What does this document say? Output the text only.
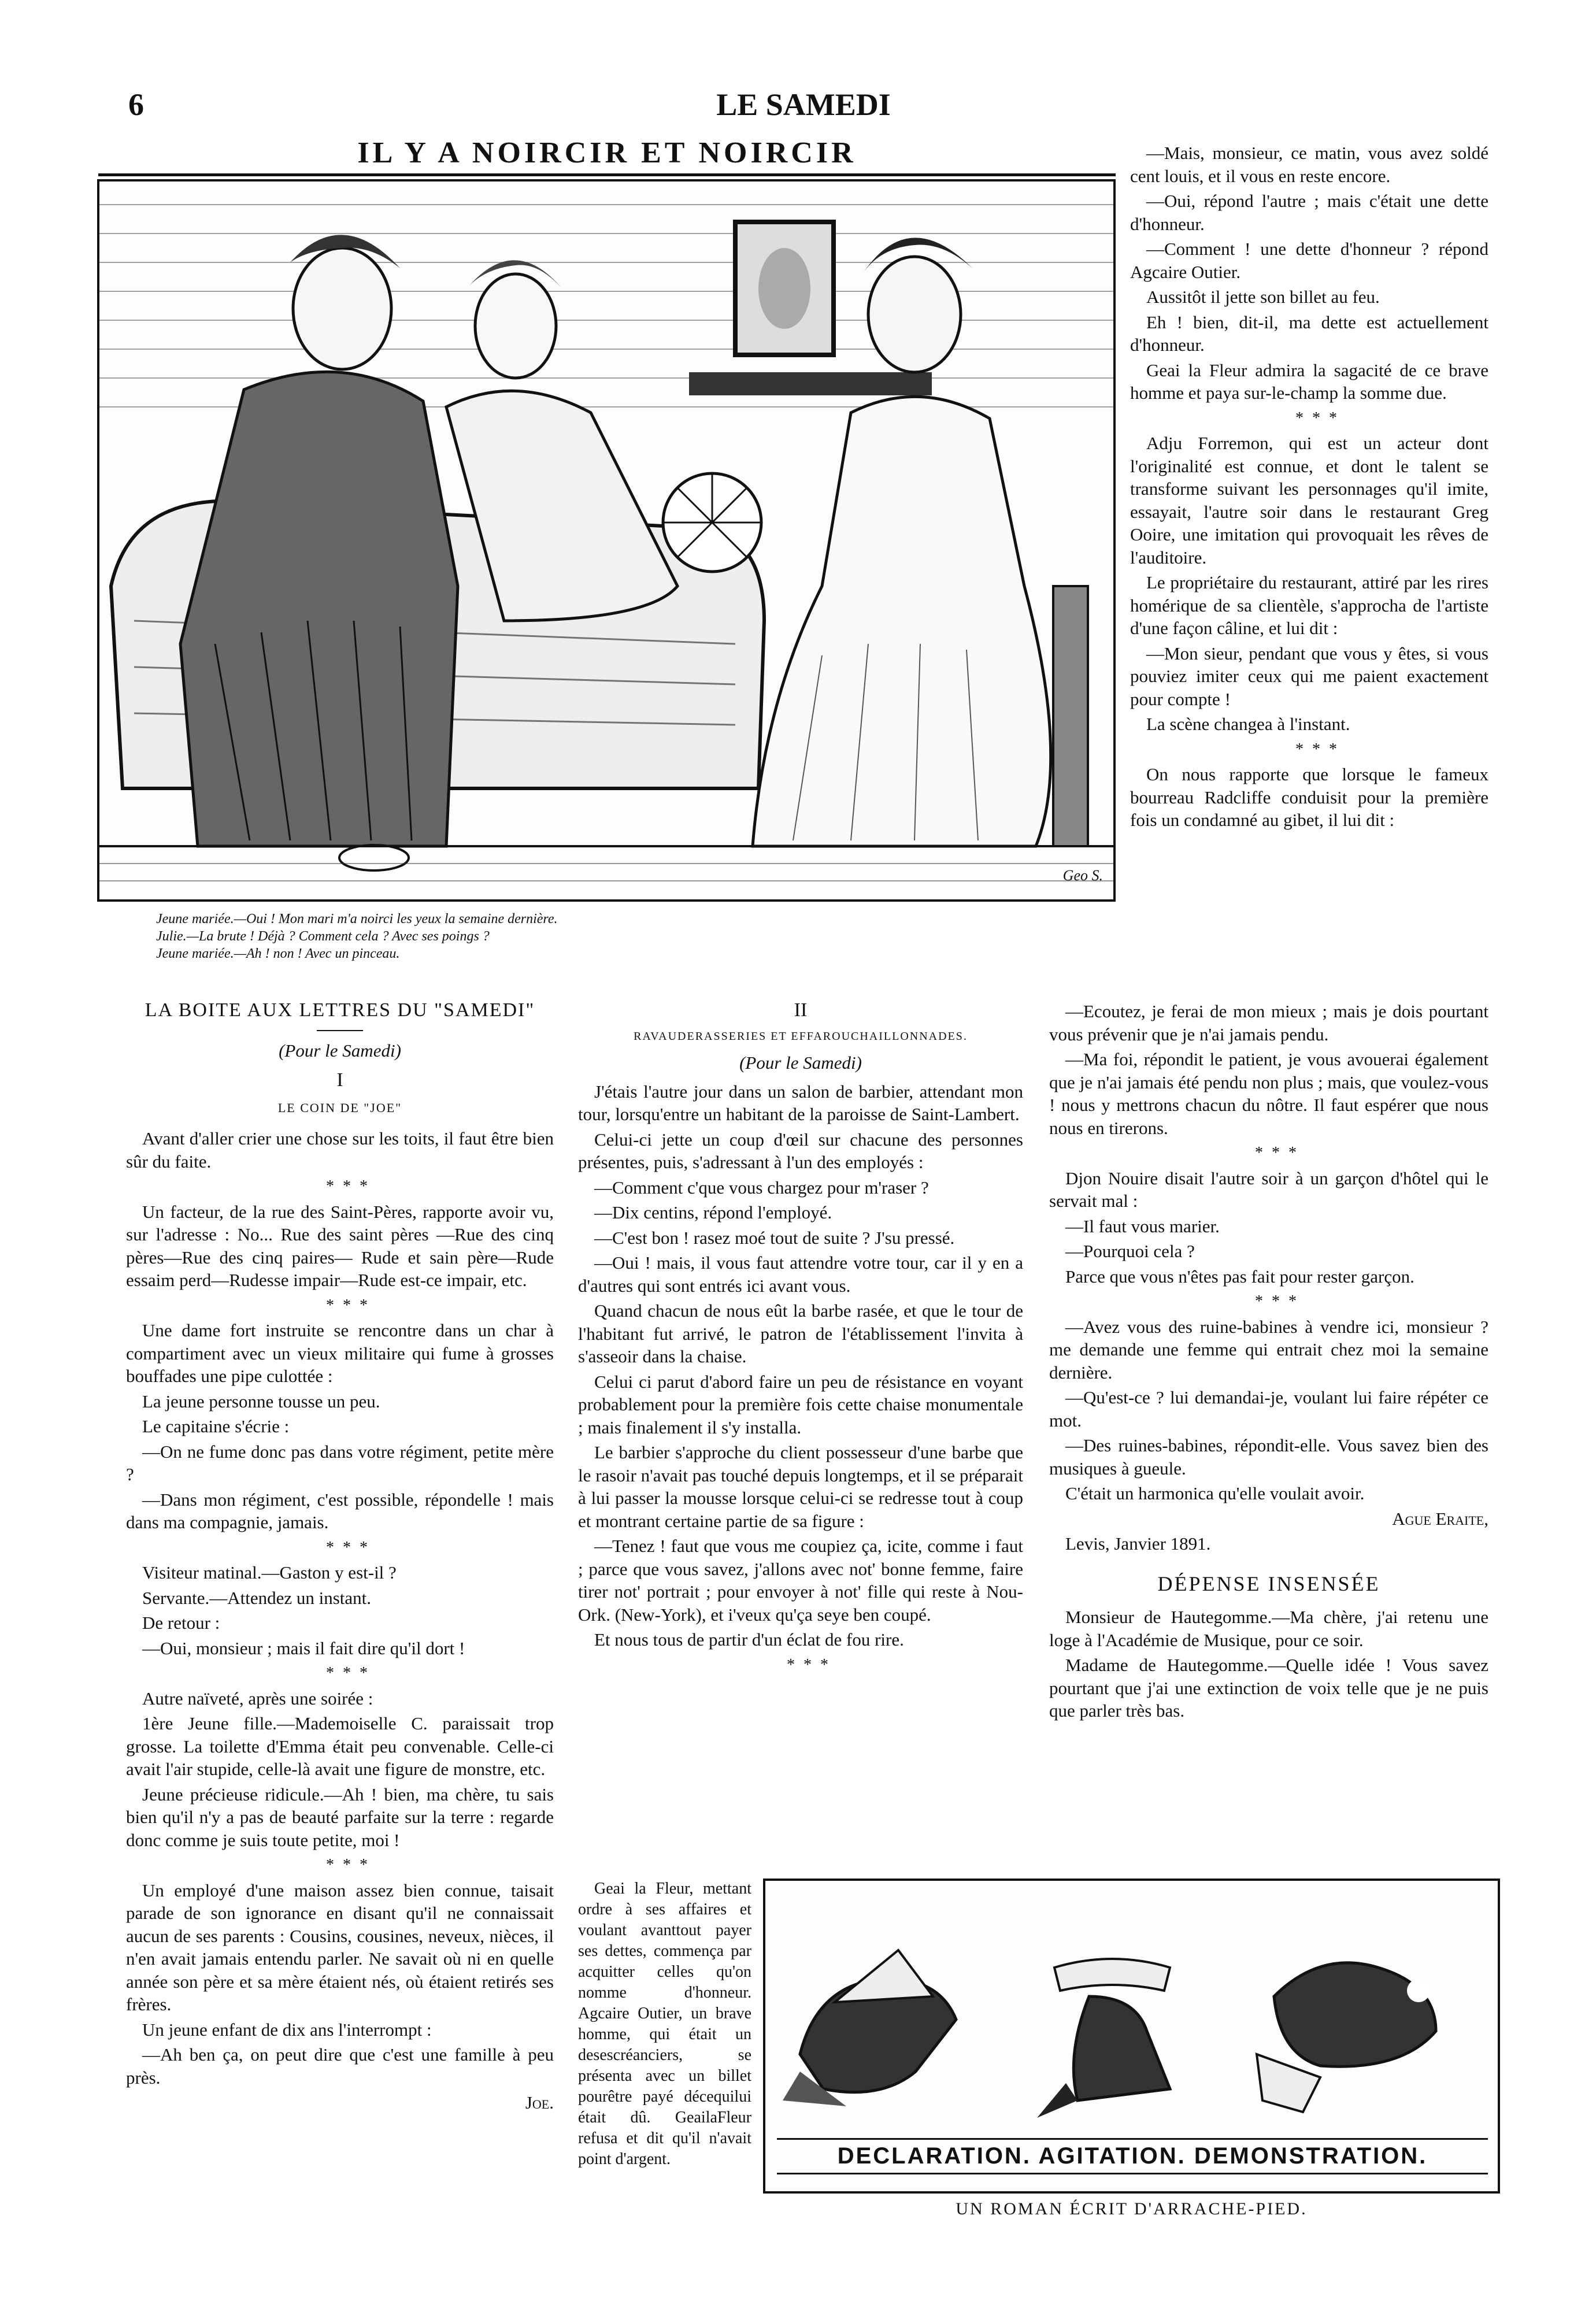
6	LE SAMEDI
IL Y A NOIRCIR ET NOIRCIR
Geo S.
Jeune mariée.—Oui ! Mon mari m'a noirci les yeux la semaine dernière.
Julie.—La brute ! Déjà ? Comment cela ? Avec ses poings ?
Jeune mariée.—Ah ! non ! Avec un pinceau.

—Mais, monsieur, ce matin, vous avez soldé cent louis, et il vous en reste encore.

—Oui, répond l'autre ; mais c'était une dette d'honneur.

—Comment ! une dette d'honneur ? répond Agcaire Outier.

Aussitôt il jette son billet au feu.

Eh ! bien, dit-il, ma dette est actuellement d'honneur.

Geai la Fleur admira la sagacité de ce brave homme et paya sur-le-champ la somme due.

* * *

Adju Forremon, qui est un acteur dont l'originalité est connue, et dont le talent se transforme suivant les personnages qu'il imite, essayait, l'autre soir dans le restaurant Greg Ooire, une imitation qui provoquait les rêves de l'auditoire.

Le propriétaire du restaurant, attiré par les rires homérique de sa clientèle, s'approcha de l'artiste d'une façon câline, et lui dit :

—Mon sieur, pendant que vous y êtes, si vous pouviez imiter ceux qui me paient exactement pour compte !

La scène changea à l'instant.

* * *

On nous rapporte que lorsque le fameux bourreau Radcliffe conduisit pour la première fois un condamné au gibet, il lui dit :

—Ecoutez, je ferai de mon mieux ; mais je dois pourtant vous prévenir que je n'ai jamais pendu.

—Ma foi, répondit le patient, je vous avouerai également que je n'ai jamais été pendu non plus ; mais, que voulez-vous ! nous y mettrons chacun du nôtre. Il faut espérer que nous nous en tirerons.

* * *

Djon Nouire disait l'autre soir à un garçon d'hôtel qui le servait mal :

—Il faut vous marier.

—Pourquoi cela ?

Parce que vous n'êtes pas fait pour rester garçon.

* * *

—Avez vous des ruine-babines à vendre ici, monsieur ? me demande une femme qui entrait chez moi la semaine dernière.

—Qu'est-ce ? lui demandai-je, voulant lui faire répéter ce mot.

—Des ruines-babines, répondit-elle. Vous savez bien des musiques à gueule.

C'était un harmonica qu'elle voulait avoir.

Ague Eraite,

Levis, Janvier 1891.

DÉPENSE INSENSÉE

Monsieur de Hautegomme.—Ma chère, j'ai retenu une loge à l'Académie de Musique, pour ce soir.

Madame de Hautegomme.—Quelle idée ! Vous savez pourtant que j'ai une extinction de voix telle que je ne puis que parler très bas.

LA BOITE AUX LETTRES DU "SAMEDI"
(Pour le Samedi)
I
LE COIN DE "JOE"

Avant d'aller crier une chose sur les toits, il faut être bien sûr du faite.

* * *

Un facteur, de la rue des Saint-Pères, rapporte avoir vu, sur l'adresse : No... Rue des saint pères —Rue des cinq pères—Rue des cinq paires— Rude et sain père—Rude essaim perd—Rudesse impair—Rude est-ce impair, etc.

* * *

Une dame fort instruite se rencontre dans un char à compartiment avec un vieux militaire qui fume à grosses bouffades une pipe culottée :

La jeune personne tousse un peu.

Le capitaine s'écrie :

—On ne fume donc pas dans votre régiment, petite mère ?

—Dans mon régiment, c'est possible, répondelle ! mais dans ma compagnie, jamais.

* * *

Visiteur matinal.—Gaston y est-il ?

Servante.—Attendez un instant.

De retour :

—Oui, monsieur ; mais il fait dire qu'il dort !

* * *

Autre naïveté, après une soirée :

1ère Jeune fille.—Mademoiselle C. paraissait trop grosse. La toilette d'Emma était peu convenable. Celle-ci avait l'air stupide, celle-là avait une figure de monstre, etc.

Jeune précieuse ridicule.—Ah ! bien, ma chère, tu sais bien qu'il n'y a pas de beauté parfaite sur la terre : regarde donc comme je suis toute petite, moi !

* * *

Un employé d'une maison assez bien connue, taisait parade de son ignorance en disant qu'il ne connaissait aucun de ses parents : Cousins, cousines, neveux, nièces, il n'en avait jamais entendu parler. Ne savait où ni en quelle année son père et sa mère étaient nés, où étaient retirés ses frères.

Un jeune enfant de dix ans l'interrompt :

—Ah ben ça, on peut dire que c'est une famille à peu près.

Joe.

II
RAVAUDERASSERIES ET EFFAROUCHAILLONNADES.
(Pour le Samedi)

J'étais l'autre jour dans un salon de barbier, attendant mon tour, lorsqu'entre un habitant de la paroisse de Saint-Lambert.

Celui-ci jette un coup d'œil sur chacune des personnes présentes, puis, s'adressant à l'un des employés :

—Comment c'que vous chargez pour m'raser ?

—Dix centins, répond l'employé.

—C'est bon ! rasez moé tout de suite ? J'su pressé.

—Oui ! mais, il vous faut attendre votre tour, car il y en a d'autres qui sont entrés ici avant vous.

Quand chacun de nous eût la barbe rasée, et que le tour de l'habitant fut arrivé, le patron de l'établissement l'invita à s'asseoir dans la chaise.

Celui ci parut d'abord faire un peu de résistance en voyant probablement pour la première fois cette chaise monumentale ; mais finalement il s'y installa.

Le barbier s'approche du client possesseur d'une barbe que le rasoir n'avait pas touché depuis longtemps, et il se préparait à lui passer la mousse lorsque celui-ci se redresse tout à coup et montrant certaine partie de sa figure :

—Tenez ! faut que vous me coupiez ça, icite, comme i faut ; parce que vous savez, j'allons avec not' bonne femme, faire tirer not' portrait ; pour envoyer à not' fille qui reste à Nou-Ork. (New-York), et i'veux qu'ça seye ben coupé.

Et nous tous de partir d'un éclat de fou rire.

* * *

Geai la Fleur, mettant ordre à ses affaires et voulant avanttout payer ses dettes, commença par acquitter celles qu'on nomme d'honneur. Agcaire Outier, un brave homme, qui était un desescréanciers, se présenta avec un billet pourêtre payé décequilui était dû. GeailaFleur refusa et dit qu'il n'avait point d'argent.	DECLARATION. AGITATION. DEMONSTRATION.
UN ROMAN ÉCRIT D'ARRACHE-PIED.
